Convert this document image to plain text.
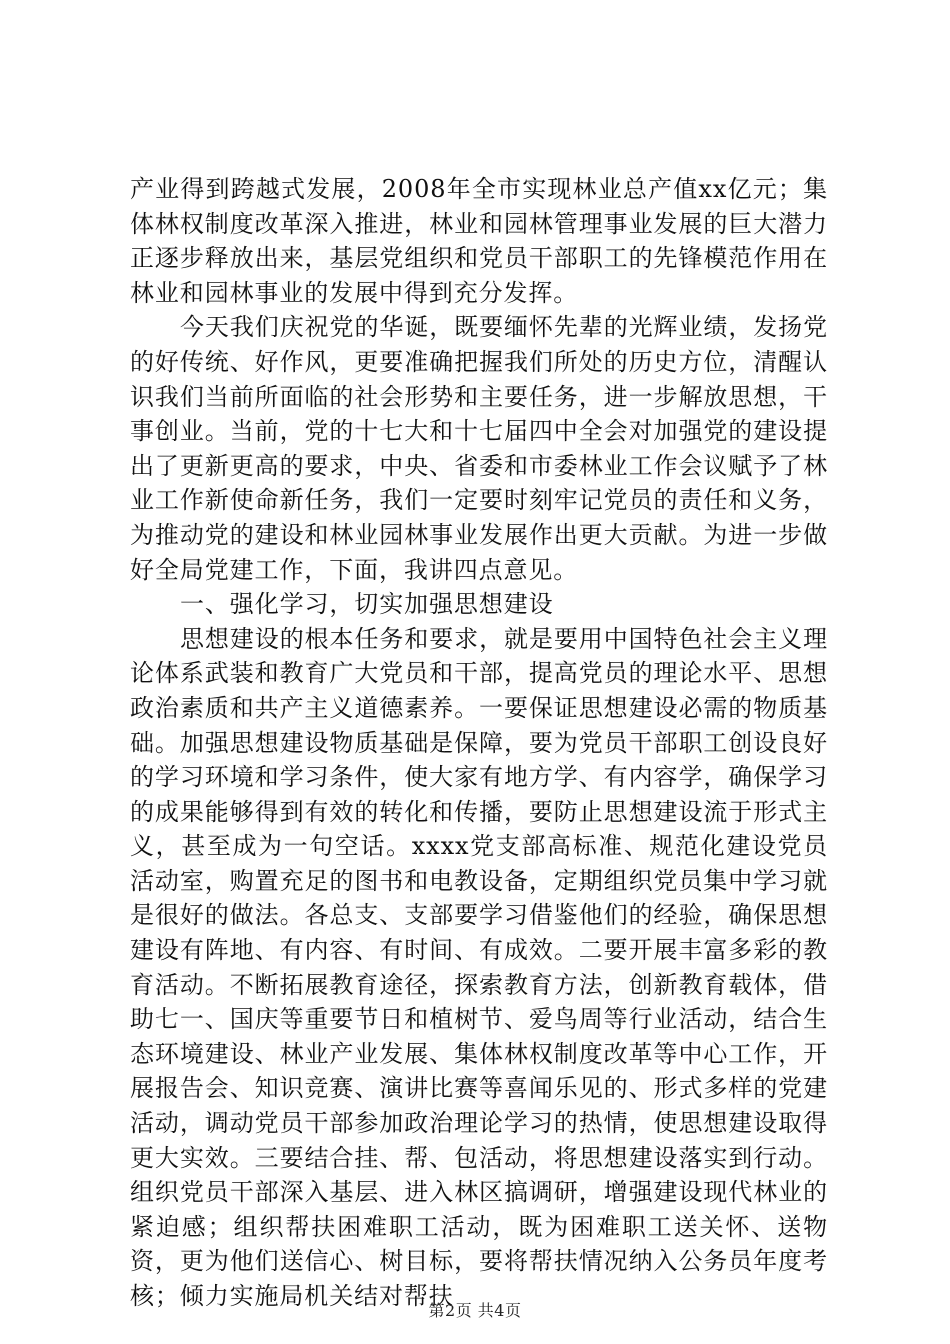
产业得到跨越式发展，2008年全市实现林业总产值xx亿元；集体林权制度改革深入推进，林业和园林管理事业发展的巨大潜力正逐步释放出来，基层党组织和党员干部职工的先锋模范作用在林业和园林事业的发展中得到充分发挥。

今天我们庆祝党的华诞，既要缅怀先辈的光辉业绩，发扬党的好传统、好作风，更要准确把握我们所处的历史方位，清醒认识我们当前所面临的社会形势和主要任务，进一步解放思想，干事创业。当前，党的十七大和十七届四中全会对加强党的建设提出了更新更高的要求，中央、省委和市委林业工作会议赋予了林业工作新使命新任务，我们一定要时刻牢记党员的责任和义务，为推动党的建设和林业园林事业发展作出更大贡献。为进一步做好全局党建工作，下面，我讲四点意见。

一、强化学习，切实加强思想建设

思想建设的根本任务和要求，就是要用中国特色社会主义理论体系武装和教育广大党员和干部，提高党员的理论水平、思想政治素质和共产主义道德素养。一要保证思想建设必需的物质基础。加强思想建设物质基础是保障，要为党员干部职工创设良好的学习环境和学习条件，使大家有地方学、有内容学，确保学习的成果能够得到有效的转化和传播，要防止思想建设流于形式主义，甚至成为一句空话。xxxx党支部高标准、规范化建设党员活动室，购置充足的图书和电教设备，定期组织党员集中学习就是很好的做法。各总支、支部要学习借鉴他们的经验，确保思想建设有阵地、有内容、有时间、有成效。二要开展丰富多彩的教育活动。不断拓展教育途径，探索教育方法，创新教育载体，借助七一、国庆等重要节日和植树节、爱鸟周等行业活动，结合生态环境建设、林业产业发展、集体林权制度改革等中心工作，开展报告会、知识竞赛、演讲比赛等喜闻乐见的、形式多样的党建活动，调动党员干部参加政治理论学习的热情，使思想建设取得更大实效。三要结合挂、帮、包活动，将思想建设落实到行动。组织党员干部深入基层、进入林区搞调研，增强建设现代林业的紧迫感；组织帮扶困难职工活动，既为困难职工送关怀、送物资，更为他们送信心、树目标，要将帮扶情况纳入公务员年度考核；倾力实施局机关结对帮扶

第2页 共4页
